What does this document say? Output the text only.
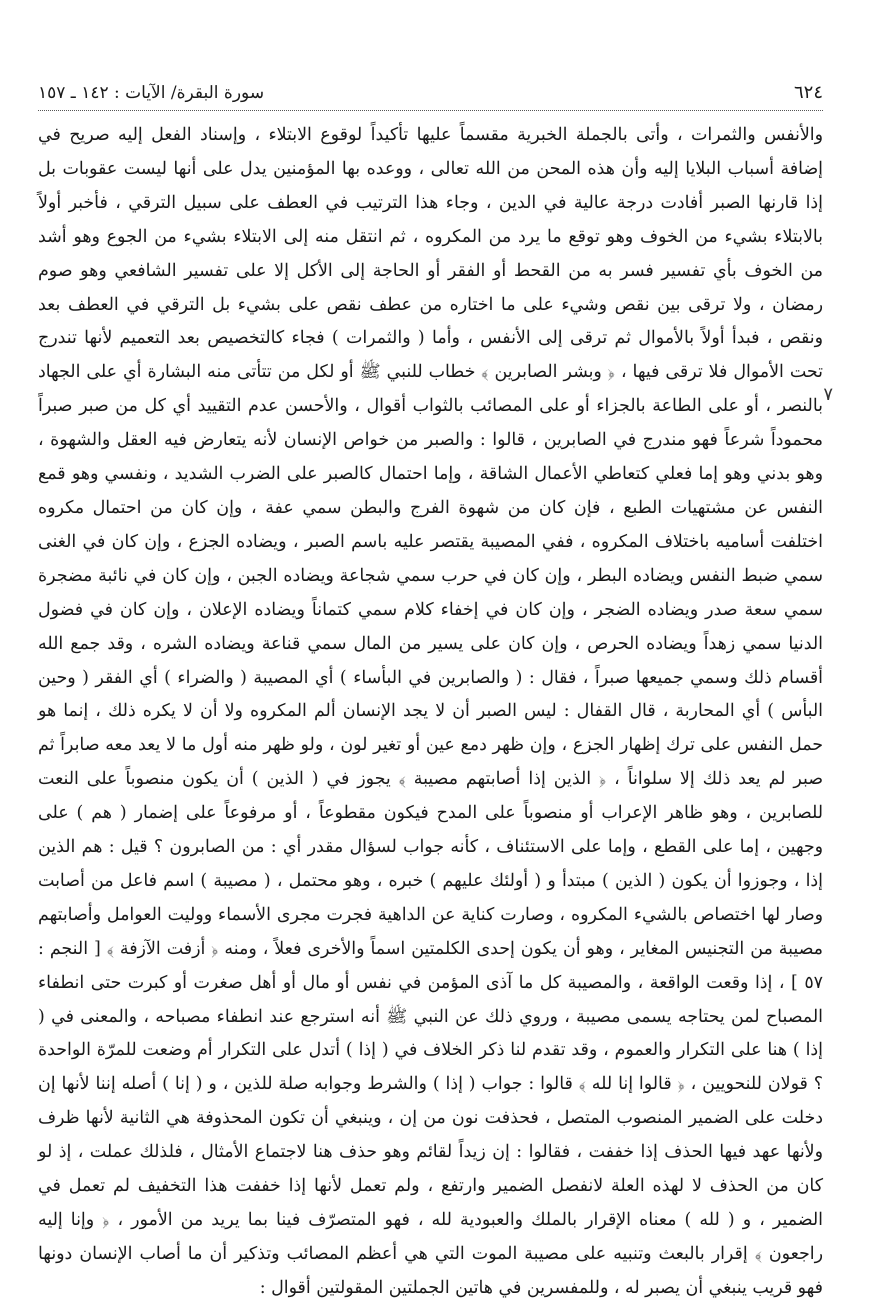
٦٢٤
سورة البقرة/ الآيات : ١٤٢ ـ ١٥٧

والأنفس والثمرات ، وأتى بالجملة الخبرية مقسماً عليها تأكيداً لوقوع الابتلاء ، وإسناد الفعل إليه صريح في إضافة أسباب البلايا إليه وأن هذه المحن من الله تعالى ، ووعده بها المؤمنين يدل على أنها ليست عقوبات بل إذا قارنها الصبر أفادت درجة عالية في الدين ، وجاء هذا الترتيب في العطف على سبيل الترقي ، فأخبر أولاً بالابتلاء بشيء من الخوف وهو توقع ما يرد من المكروه ، ثم انتقل منه إلى الابتلاء بشيء من الجوع وهو أشد من الخوف بأي تفسير فسر به من القحط أو الفقر أو الحاجة إلى الأكل إلا على تفسير الشافعي وهو صوم رمضان ، ولا ترقى بين نقص وشيء على ما اختاره من عطف نقص على بشيء بل الترقي في العطف بعد ونقص ، فبدأ أولاً بالأموال ثم ترقى إلى الأنفس ، وأما ( والثمرات ) فجاء كالتخصيص بعد التعميم لأنها تندرج تحت الأموال فلا ترقى فيها ، ﴿ وبشر الصابرين ﴾ خطاب للنبي ﷺ أو لكل من تتأتى منه البشارة أي على الجهاد بالنصر ، أو على الطاعة بالجزاء أو على المصائب بالثواب أقوال ، والأحسن عدم التقييد أي كل من صبر صبراً محموداً شرعاً فهو مندرج في الصابرين ، قالوا : والصبر من خواص الإنسان لأنه يتعارض فيه العقل والشهوة ، وهو بدني وهو إما فعلي كتعاطي الأعمال الشاقة ، وإما احتمال كالصبر على الضرب الشديد ، ونفسي وهو قمع النفس عن مشتهيات الطبع ، فإن كان من شهوة الفرج والبطن سمي عفة ، وإن كان من احتمال مكروه اختلفت أساميه باختلاف المكروه ، ففي المصيبة يقتصر عليه باسم الصبر ، ويضاده الجزع ، وإن كان في الغنى سمي ضبط النفس ويضاده البطر ، وإن كان في حرب سمي شجاعة ويضاده الجبن ، وإن كان في نائبة مضجرة سمي سعة صدر ويضاده الضجر ، وإن كان في إخفاء كلام سمي كتماناً ويضاده الإعلان ، وإن كان في فضول الدنيا سمي زهداً ويضاده الحرص ، وإن كان على يسير من المال سمي قناعة ويضاده الشره ، وقد جمع الله أقسام ذلك وسمي جميعها صبراً ، فقال : ( والصابرين في البأساء ) أي المصيبة ( والضراء ) أي الفقر ( وحين البأس ) أي المحاربة ، قال القفال : ليس الصبر أن لا يجد الإنسان ألم المكروه ولا أن لا يكره ذلك ، إنما هو حمل النفس على ترك إظهار الجزع ، وإن ظهر دمع عين أو تغير لون ، ولو ظهر منه أول ما لا يعد معه صابراً ثم صبر لم يعد ذلك إلا سلواناً ، ﴿ الذين إذا أصابتهم مصيبة ﴾ يجوز في ( الذين ) أن يكون منصوباً على النعت للصابرين ، وهو ظاهر الإعراب أو منصوباً على المدح فيكون مقطوعاً ، أو مرفوعاً على إضمار ( هم ) على وجهين ، إما على القطع ، وإما على الاستئناف ، كأنه جواب لسؤال مقدر أي : من الصابرون ؟ قيل : هم الذين إذا ، وجوزوا أن يكون ( الذين ) مبتدأ و ( أولئك عليهم ) خبره ، وهو محتمل ، ( مصيبة ) اسم فاعل من أصابت وصار لها اختصاص بالشيء المكروه ، وصارت كناية عن الداهية فجرت مجرى الأسماء ووليت العوامل وأصابتهم مصيبة من التجنيس المغاير ، وهو أن يكون إحدى الكلمتين اسماً والأخرى فعلاً ، ومنه ﴿ أزفت الآزفة ﴾ [ النجم : ٥٧ ] ، إذا وقعت الواقعة ، والمصيبة كل ما آذى المؤمن في نفس أو مال أو أهل صغرت أو كبرت حتى انطفاء المصباح لمن يحتاجه يسمى مصيبة ، وروي ذلك عن النبي ﷺ أنه استرجع عند انطفاء مصباحه ، والمعنى في ( إذا ) هنا على التكرار والعموم ، وقد تقدم لنا ذكر الخلاف في ( إذا ) أتدل على التكرار أم وضعت للمرّة الواحدة ؟ قولان للنحويين ، ﴿ قالوا إنا لله ﴾ قالوا : جواب ( إذا ) والشرط وجوابه صلة للذين ، و ( إنا ) أصله إننا لأنها إن دخلت على الضمير المنصوب المتصل ، فحذفت نون من إن ، وينبغي أن تكون المحذوفة هي الثانية لأنها ظرف ولأنها عهد فيها الحذف إذا خففت ، فقالوا : إن زيداً لقائم وهو حذف هنا لاجتماع الأمثال ، فلذلك عملت ، إذ لو كان من الحذف لا لهذه العلة لانفصل الضمير وارتفع ، ولم تعمل لأنها إذا خففت هذا التخفيف لم تعمل في الضمير ، و ( لله ) معناه الإقرار بالملك والعبودية لله ، فهو المتصرّف فينا بما يريد من الأمور ، ﴿ وإنا إليه راجعون ﴾ إقرار بالبعث وتنبيه على مصيبة الموت التي هي أعظم المصائب وتذكير أن ما أصاب الإنسان دونها فهو قريب ينبغي أن يصبر له ، وللمفسرين في هاتين الجملتين المقولتين أقوال :

٧
